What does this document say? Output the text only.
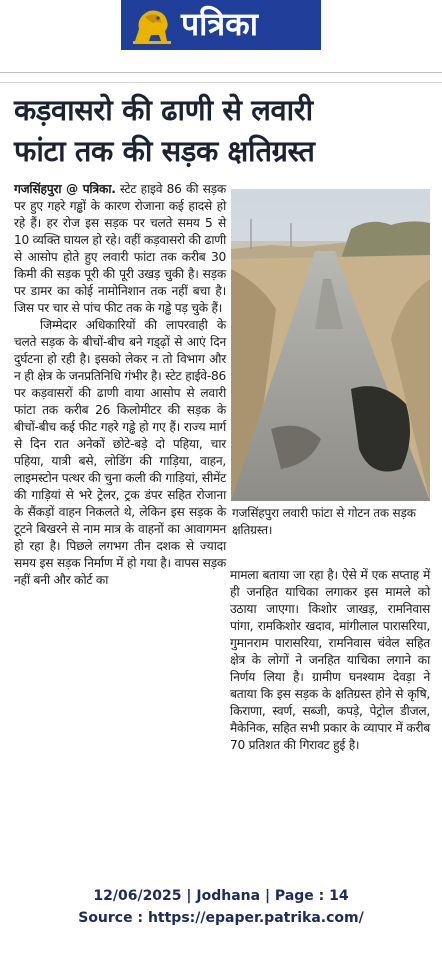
पत्रिका
कड़वासरो की ढाणी से लवारी
फांटा तक की सड़क क्षतिग्रस्त

गजसिंहपुरा @ पत्रिका. स्टेट हाइवे 86 की सड़क पर हुए गहरे गड्ढों के कारण रोजाना कई हादसे हो रहे हैं। हर रोज इस सड़क पर चलते समय 5 से 10 व्यक्ति घायल हो रहे। वहीं कड़वासरो की ढाणी से आसोप होते हुए लवारी फांटा तक करीब 30 किमी की सड़क पूरी की पूरी उखड़ चुकी है। सड़क पर डामर का कोई नामोनिशान तक नहीं बचा है। जिस पर चार से पांच फीट तक के गड्ढे पड़ चुके हैं।

जिम्मेदार अधिकारियों की लापरवाही के चलते सड़क के बीचों-बीच बने गड्ढ़ों से आएं दिन दुर्घटना हो रही है। इसको लेकर न तो विभाग और न ही क्षेत्र के जनप्रतिनिधि गंभीर है। स्टेट हाईवे-86 पर कड़वासरों की ढाणी वाया आसोप से लवारी फांटा तक करीब 26 किलोमीटर की सड़क के बीचों-बीच कई फीट गहरे गड्ढे हो गए हैं। राज्य मार्ग से दिन रात अनेकों छोटे-बड़े दो पहिया, चार पहिया, यात्री बसे, लोडिंग की गाड़िया, वाहन, लाइमस्टोन पत्थर की चुना कली की गाड़ियां, सीमेंट की गाड़ियां से भरे ट्रेलर, ट्रक डंपर सहित रोजाना के सैंकड़ों वाहन निकलते थे, लेकिन इस सड़क के टूटने बिखरने से नाम मात्र के वाहनों का आवागमन हो रहा है। पिछले लगभग तीन दशक से ज्यादा समय इस सड़क निर्माण में हो गया है। वापस सड़क नहीं बनी और कोर्ट का

गजसिंहपुरा लवारी फांटा से गोटन तक सड़क क्षतिग्रस्त।

मामला बताया जा रहा है। ऐसे में एक सप्ताह में ही जनहित याचिका लगाकर इस मामले को उठाया जाएगा। किशोर जाखड़, रामनिवास पांगा, रामकिशोर खदाव, मांगीलाल पारासरिया, गुमानराम पारासरिया, रामनिवास चंवेल सहित क्षेत्र के लोगों ने जनहित याचिका लगाने का निर्णय लिया है। ग्रामीण घनश्याम देवड़ा ने बताया कि इस सड़क के क्षतिग्रस्त होने से कृषि, किराणा, स्वर्ण, सब्जी, कपड़े, पेट्रोल डीजल, मैकेनिक, सहित सभी प्रकार के व्यापार में करीब 70 प्रतिशत की गिरावट हुई है।

12/06/2025 | Jodhana | Page : 14
Source : https://epaper.patrika.com/
